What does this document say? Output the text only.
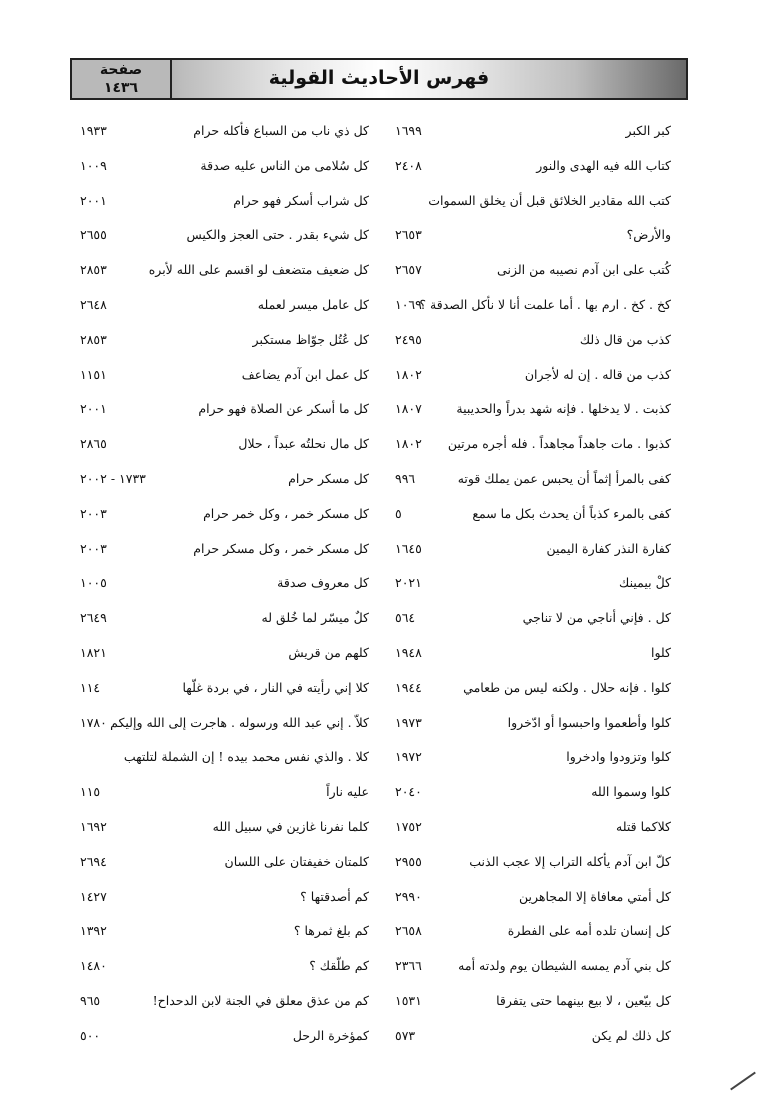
صفحة
١٤٣٦	فهرس الأحاديث القولية
كبر الكبر
١٦٩٩
كل ذي ناب من السباع فأكله حرام
١٩٣٣
كتاب الله فيه الهدى والنور
٢٤٠٨
كل سُلامى من الناس عليه صدقة
١٠٠٩
كتب الله مقادير الخلائق قبل أن يخلق السموات
كل شراب أسكر فهو حرام
٢٠٠١
والأرض؟
٢٦٥٣
كل شيء بقدر . حتى العجز والكيس
٢٦٥٥
كُتب على ابن آدم نصيبه من الزنى
٢٦٥٧
كل ضعيف متضعف لو اقسم على الله لأبره
٢٨٥٣
كخ . كخ . ارم بها . أما علمت أنا لا نأكل الصدقة ؟
١٠٦٩
كل عامل ميسر لعمله
٢٦٤٨
كذب من قال ذلك
٢٤٩٥
كل عُتُل جوّاظ مستكبر
٢٨٥٣
كذب من قاله . إن له لأجران
١٨٠٢
كل عمل ابن آدم يضاعف
١١٥١
كذبت . لا يدخلها . فإنه شهد بدراً والحديبية
١٨٠٧
كل ما أسكر عن الصلاة فهو حرام
٢٠٠١
كذبوا . مات جاهداً مجاهداً . فله أجره مرتين
١٨٠٢
كل مال نحلتُه عبداً ، حلال
٢٨٦٥
كفى بالمرأ إثماً أن يحبس عمن يملك قوته
٩٩٦
كل مسكر حرام
١٧٣٣ - ٢٠٠٢
كفى بالمرء كذباً أن يحدث بكل ما سمع
٥
كل مسكر خمر ، وكل خمر حرام
٢٠٠٣
كفارة النذر كفارة اليمين
١٦٤٥
كل مسكر خمر ، وكل مسكر حرام
٢٠٠٣
كلْ بيمينك
٢٠٢١
كل معروف صدقة
١٠٠٥
كل . فإني أناجي من لا تناجي
٥٦٤
كلٌ ميسّر لما خُلق له
٢٦٤٩
كلوا
١٩٤٨
كلهم من قريش
١٨٢١
كلوا . فإنه حلال . ولكنه ليس من طعامي
١٩٤٤
كلا إني رأيته في النار ، في بردة غلّها
١١٤
كلوا وأطعموا واحبسوا أو ادّخروا
١٩٧٣
كلاّ . إني عبد الله ورسوله . هاجرت إلى الله وإليكم
١٧٨٠
كلوا وتزودوا وادخروا
١٩٧٢
كلا . والذي نفس محمد بيده ! إن الشملة لتلتهب
كلوا وسموا الله
٢٠٤٠
عليه ناراً
١١٥
كلاكما قتله
١٧٥٢
كلما نفرنا غازين في سبيل الله
١٦٩٢
كلّ ابن آدم يأكله التراب إلا عجب الذنب
٢٩٥٥
كلمتان خفيفتان على اللسان
٢٦٩٤
كل أمتي معافاة إلا المجاهرين
٢٩٩٠
كم أصدقتها ؟
١٤٢٧
كل إنسان تلده أمه على الفطرة
٢٦٥٨
كم بلغ ثمرها ؟
١٣٩٢
كل بني آدم يمسه الشيطان يوم ولدته أمه
٢٣٦٦
كم طلّقك ؟
١٤٨٠
كل بيّعين ، لا بيع بينهما حتى يتفرقا
١٥٣١
كم من عذق معلق في الجنة لابن الدحداح!
٩٦٥
كل ذلك لم يكن
٥٧٣
كمؤخرة الرحل
٥٠٠
